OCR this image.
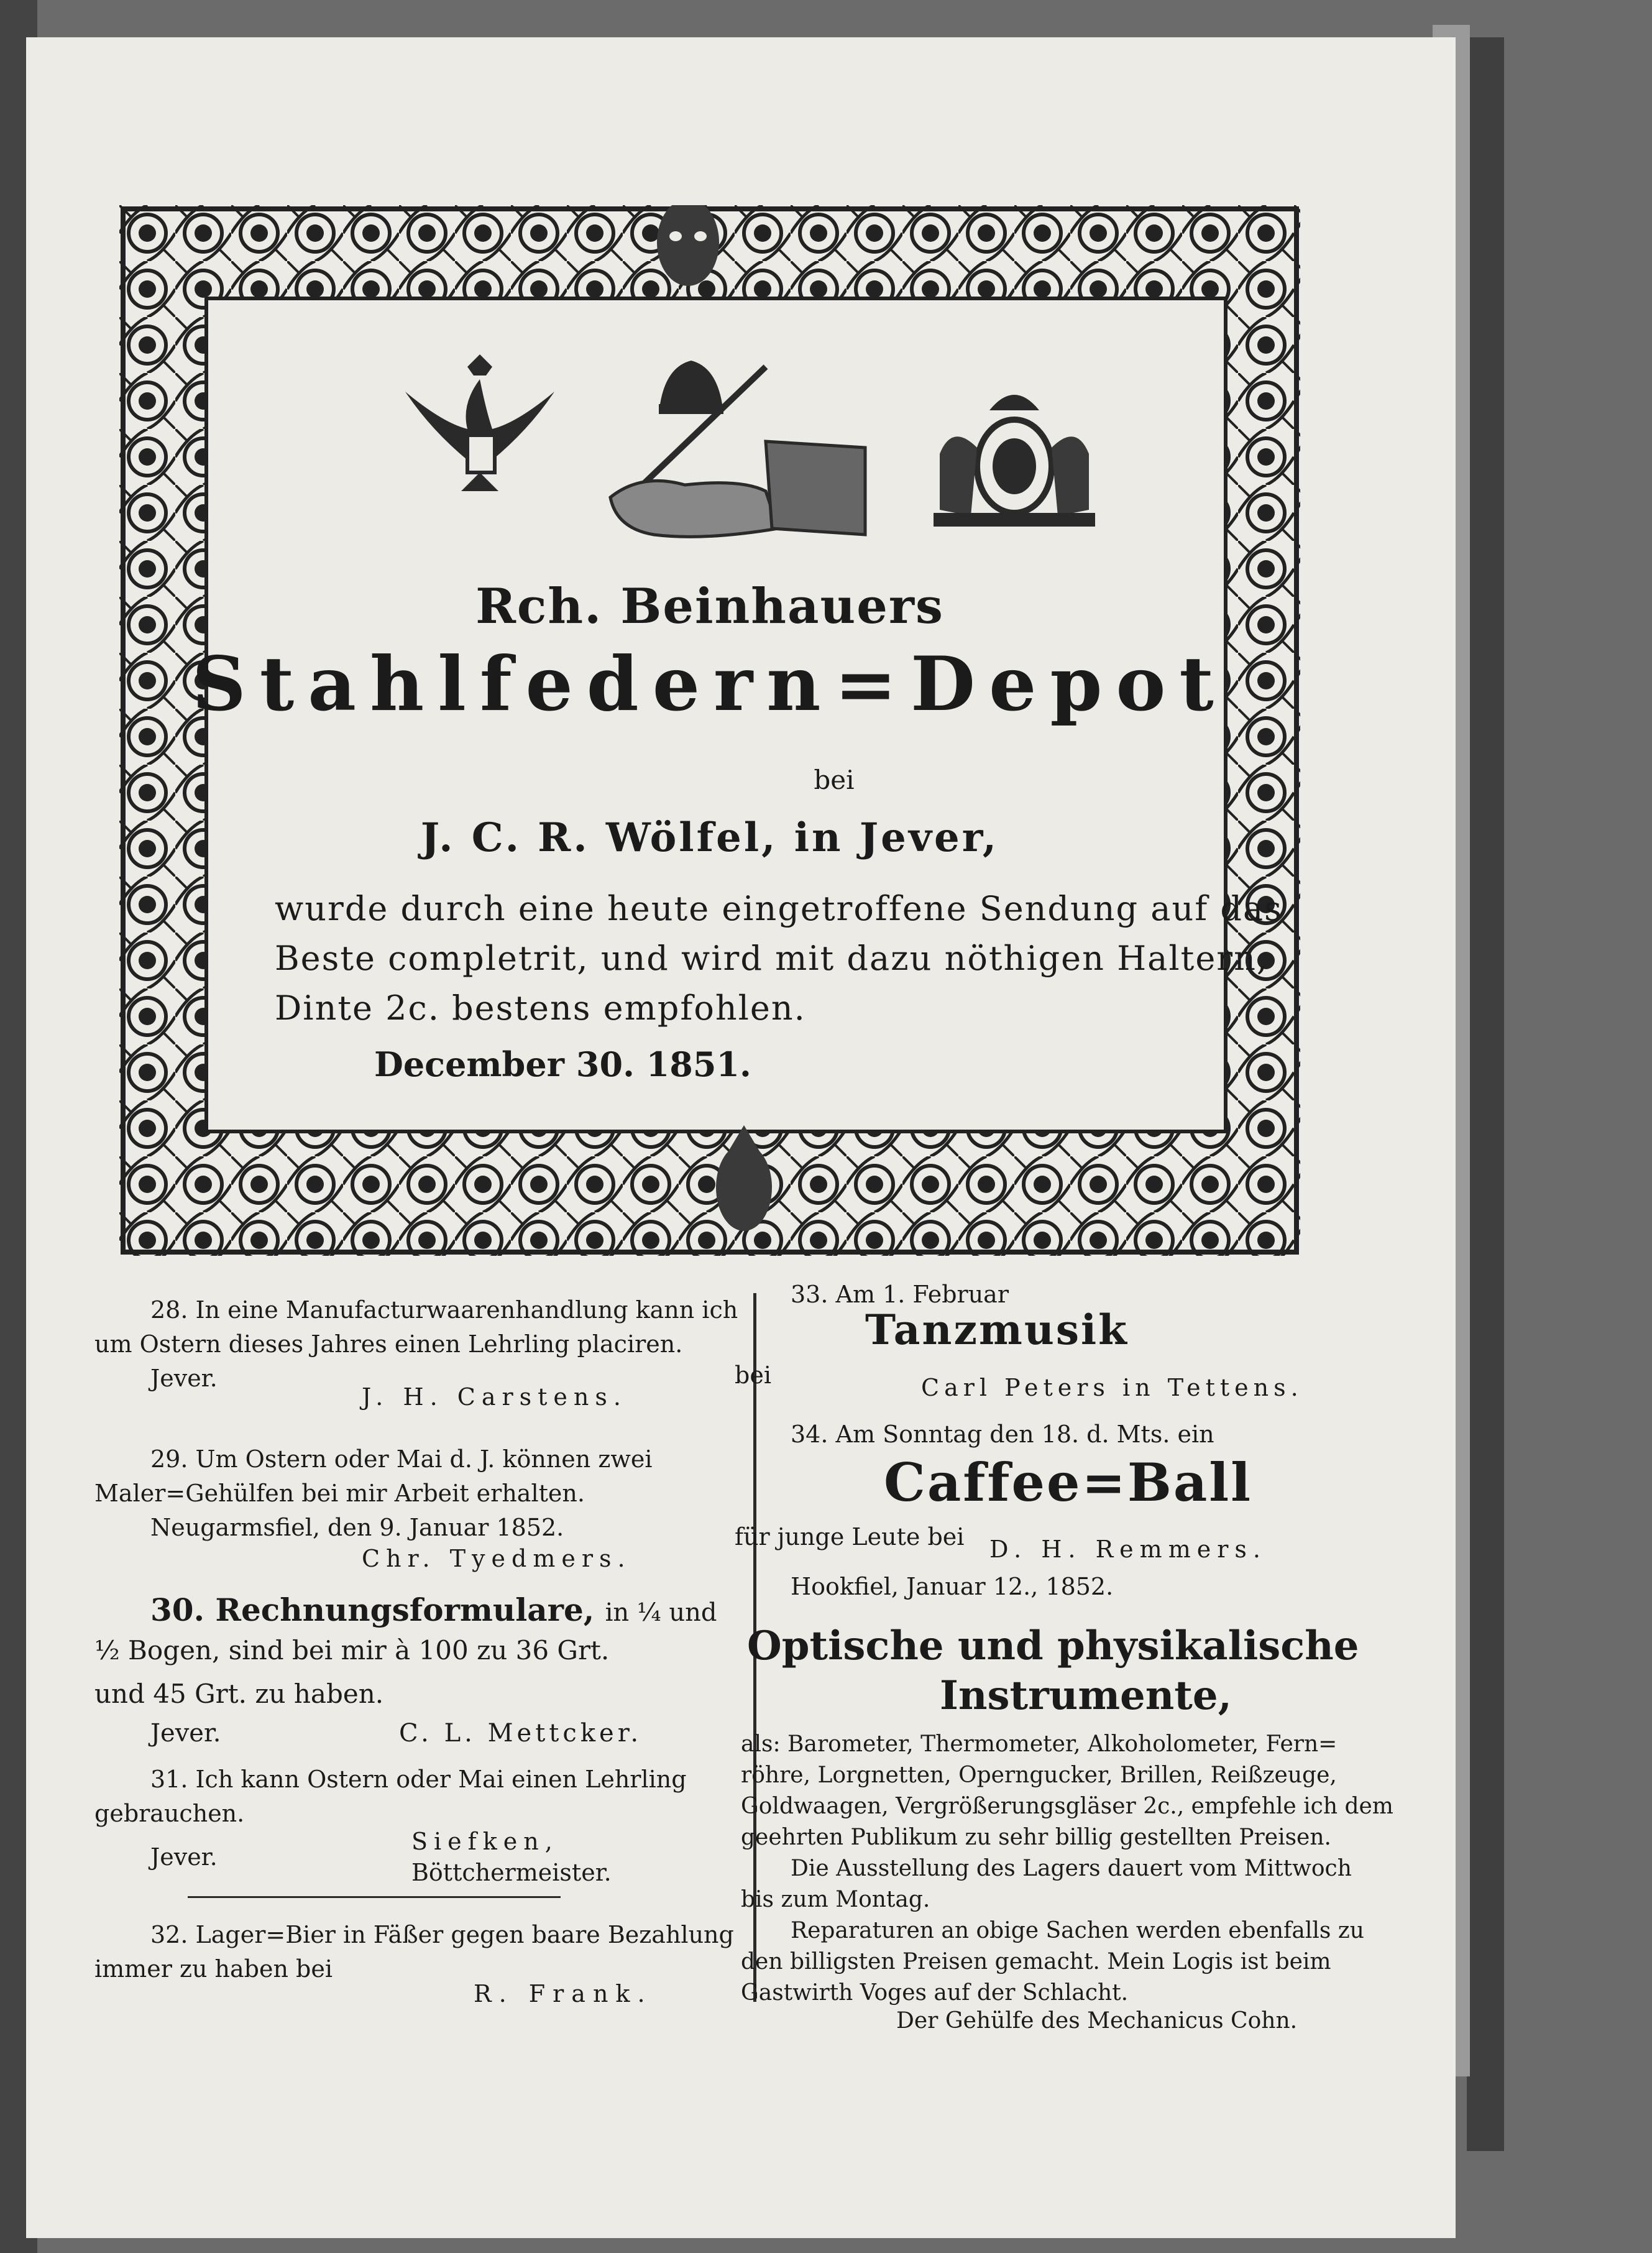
Rch. Beinhauers
Stahlfedern=Depot
bei
J. C. R. Wölfel, in Jever,
wurde durch eine heute eingetroffene Sendung auf das
Beste completrit, und wird mit dazu nöthigen Haltern,
Dinte 2c. bestens empfohlen.
December 30. 1851.
28. In eine Manufacturwaarenhandlung kann ich
um Ostern dieses Jahres einen Lehrling placiren.
Jever.
J. H. Carstens.
29. Um Ostern oder Mai d. J. können zwei
Maler=Gehülfen bei mir Arbeit erhalten.
Neugarmsfiel, den 9. Januar 1852.
Chr. Tyedmers.
30. Rechnungsformulare, in ¼ und
½ Bogen, sind bei mir à 100 zu 36 Grt.
und 45 Grt. zu haben.
Jever.	C. L. Mettcker.
31. Ich kann Ostern oder Mai einen Lehrling
gebrauchen.
Jever.
Siefken,
Böttchermeister.
32. Lager=Bier in Fäßer gegen baare Bezahlung
immer zu haben bei
R. Frank.
33. Am 1. Februar
Tanzmusik
bei	Carl Peters in Tettens.
34. Am Sonntag den 18. d. Mts. ein
Caffee=Ball
für junge Leute bei D. H. Remmers.
Hookfiel, Januar 12., 1852.
Optische und physikalische
Instrumente,
als: Barometer, Thermometer, Alkoholometer, Fern=
röhre, Lorgnetten, Operngucker, Brillen, Reißzeuge,
Goldwaagen, Vergrößerungsgläser 2c., empfehle ich dem
geehrten Publikum zu sehr billig gestellten Preisen.
Die Ausstellung des Lagers dauert vom Mittwoch
bis zum Montag.
Reparaturen an obige Sachen werden ebenfalls zu
den billigsten Preisen gemacht. Mein Logis ist beim
Gastwirth Voges auf der Schlacht.
Der Gehülfe des Mechanicus Cohn.
